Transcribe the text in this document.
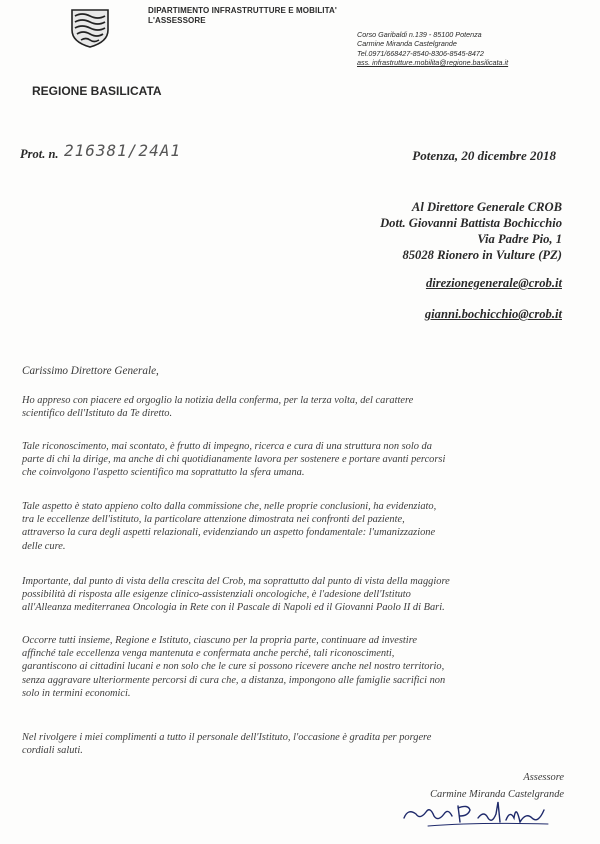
DIPARTIMENTO INFRASTRUTTURE E MOBILITA'
L'ASSESSORE
Corso Garibaldi n.139 - 85100 Potenza
Carmine Miranda Castelgrande
Tel.0971/668427-8540-8306-8545-8472
ass. infrastrutture.mobilita@regione.basilicata.it
REGIONE BASILICATA
Prot. n. 216381/24A1	Potenza, 20 dicembre 2018
Al Direttore Generale CROB
Dott. Giovanni Battista Bochicchio
Via Padre Pio, 1
85028 Rionero in Vulture (PZ)
direzionegenerale@crob.it
gianni.bochicchio@crob.it
Carissimo Direttore Generale,
Ho appreso con piacere ed orgoglio la notizia della conferma, per la terza volta, del carattere
scientifico dell'Istituto da Te diretto.
Tale riconoscimento, mai scontato, è frutto di impegno, ricerca e cura di una struttura non solo da
parte di chi la dirige, ma anche di chi quotidianamente lavora per sostenere e portare avanti percorsi
che coinvolgono l'aspetto scientifico ma soprattutto la sfera umana.
Tale aspetto è stato appieno colto dalla commissione che, nelle proprie conclusioni, ha evidenziato,
tra le eccellenze dell'istituto, la particolare attenzione dimostrata nei confronti del paziente,
attraverso la cura degli aspetti relazionali, evidenziando un aspetto fondamentale: l'umanizzazione
delle cure.
Importante, dal punto di vista della crescita del Crob, ma soprattutto dal punto di vista della maggiore
possibilità di risposta alle esigenze clinico-assistenziali oncologiche, è l'adesione dell'Istituto
all'Alleanza mediterranea Oncologia in Rete con il Pascale di Napoli ed il Giovanni Paolo II di Bari.
Occorre tutti insieme, Regione e Istituto, ciascuno per la propria parte, continuare ad investire
affinché tale eccellenza venga mantenuta e confermata anche perché, tali riconoscimenti,
garantiscono ai cittadini lucani e non solo che le cure si possono ricevere anche nel nostro territorio,
senza aggravare ulteriormente percorsi di cura che, a distanza, impongono alle famiglie sacrifici non
solo in termini economici.
Nel rivolgere i miei complimenti a tutto il personale dell'Istituto, l'occasione è gradita per porgere
cordiali saluti.
Assessore
Carmine Miranda Castelgrande
